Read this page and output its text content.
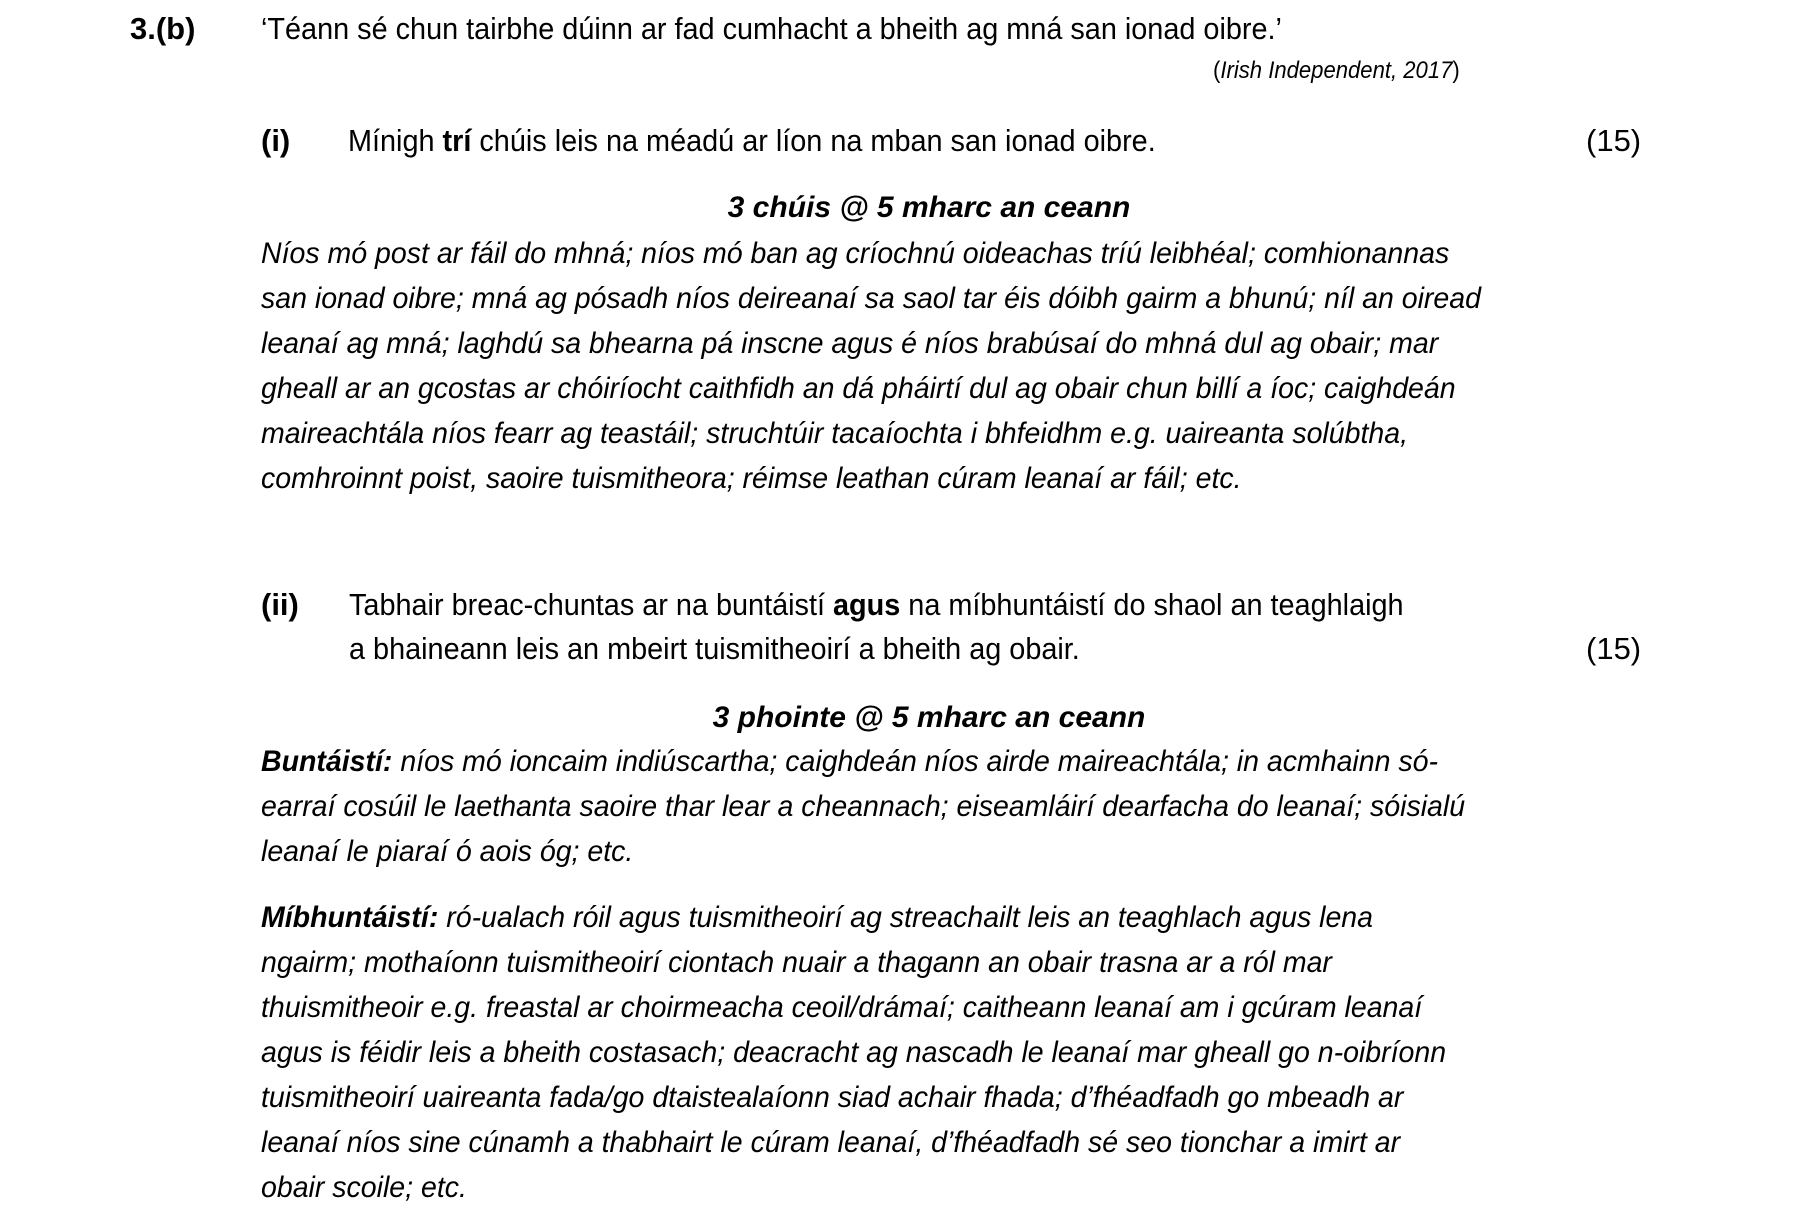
3.(b) ‘Téann sé chun tairbhe dúinn ar fad cumhacht a bheith ag mná san ionad oibre.’
(Irish Independent, 2017)
(i) Mínigh trí chúis leis na méadú ar líon na mban san ionad oibre.	(15)
3 chúis @ 5 mharc an ceann
Níos mó post ar fáil do mhná; níos mó ban ag críochnú oideachas tríú leibhéal; comhionannas
san ionad oibre; mná ag pósadh níos deireanaí sa saol tar éis dóibh gairm a bhunú; níl an oiread
leanaí ag mná; laghdú sa bhearna pá inscne agus é níos brabúsaí do mhná dul ag obair; mar
gheall ar an gcostas ar chóiríocht caithfidh an dá pháirtí dul ag obair chun billí a íoc; caighdeán
maireachtála níos fearr ag teastáil; struchtúir tacaíochta i bhfeidhm e.g. uaireanta solúbtha,
comhroinnt poist, saoire tuismitheora; réimse leathan cúram leanaí ar fáil; etc.
(ii) Tabhair breac-chuntas ar na buntáistí agus na míbhuntáistí do shaol an teaghlaigh
a bhaineann leis an mbeirt tuismitheoirí a bheith ag obair.	(15)
3 phointe @ 5 mharc an ceann
Buntáistí: níos mó ioncaim indiúscartha; caighdeán níos airde maireachtála; in acmhainn só-
earraí cosúil le laethanta saoire thar lear a cheannach; eiseamláirí dearfacha do leanaí; sóisialú
leanaí le piaraí ó aois óg; etc.
Míbhuntáistí: ró-ualach róil agus tuismitheoirí ag streachailt leis an teaghlach agus lena
ngairm; mothaíonn tuismitheoirí ciontach nuair a thagann an obair trasna ar a ról mar
thuismitheoir e.g. freastal ar choirmeacha ceoil/drámaí; caitheann leanaí am i gcúram leanaí
agus is féidir leis a bheith costasach; deacracht ag nascadh le leanaí mar gheall go n-oibríonn
tuismitheoirí uaireanta fada/go dtaistealaíonn siad achair fhada; d’fhéadfadh go mbeadh ar
leanaí níos sine cúnamh a thabhairt le cúram leanaí, d’fhéadfadh sé seo tionchar a imirt ar
obair scoile; etc.
